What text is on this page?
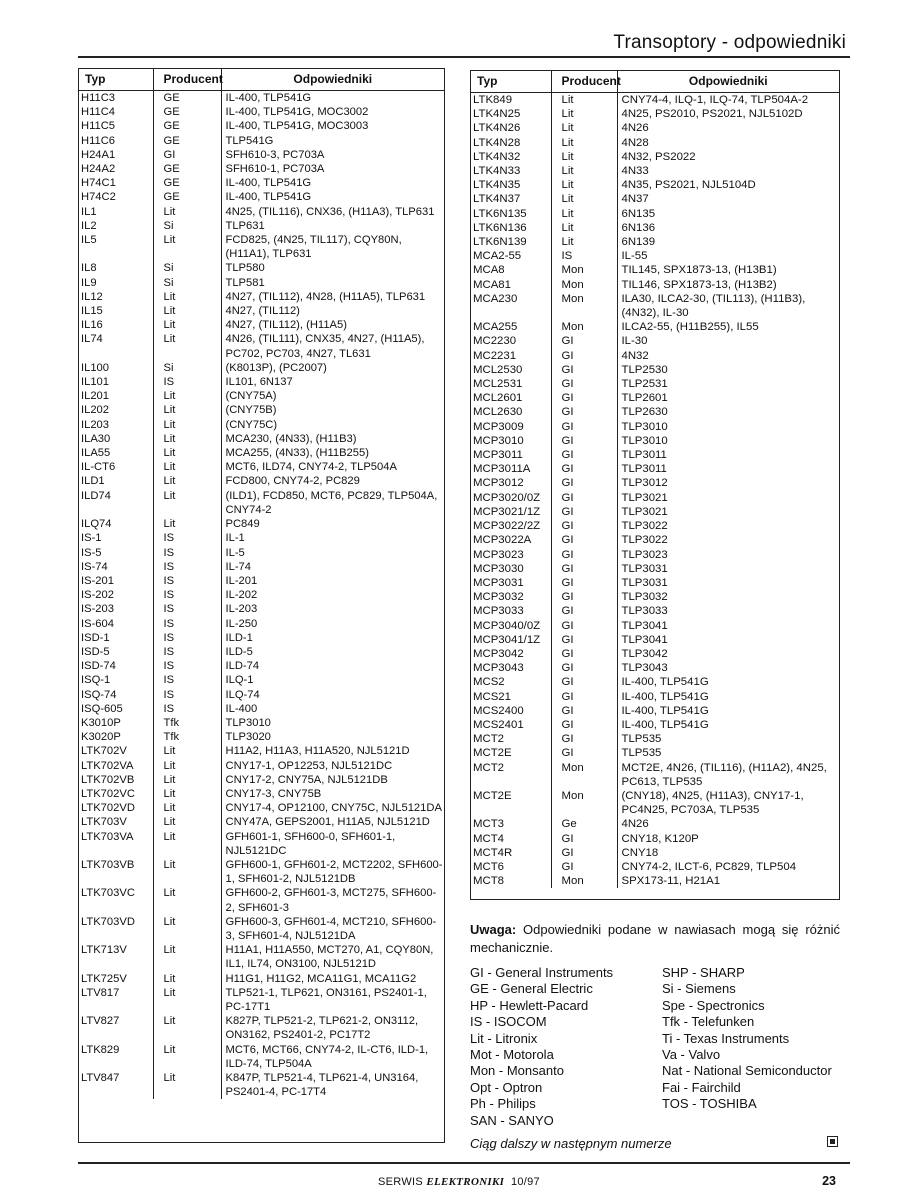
Transoptory - odpowiedniki
Typ	Producent	Odpowiedniki
H11C3	GE	IL-400, TLP541G
H11C4	GE	IL-400, TLP541G, MOC3002
H11C5	GE	IL-400, TLP541G, MOC3003
H11C6	GE	TLP541G
H24A1	GI	SFH610-3, PC703A
H24A2	GE	SFH610-1, PC703A
H74C1	GE	IL-400, TLP541G
H74C2	GE	IL-400, TLP541G
IL1	Lit	4N25, (TIL116), CNX36, (H11A3), TLP631
IL2	Si	TLP631
IL5	Lit	FCD825, (4N25, TIL117), CQY80N, (H11A1), TLP631
IL8	Si	TLP580
IL9	Si	TLP581
IL12	Lit	4N27, (TIL112), 4N28, (H11A5), TLP631
IL15	Lit	4N27, (TIL112)
IL16	Lit	4N27, (TIL112), (H11A5)
IL74	Lit	4N26, (TIL111), CNX35, 4N27, (H11A5), PC702, PC703, 4N27, TL631
IL100	Si	(K8013P), (PC2007)
IL101	IS	IL101, 6N137
IL201	Lit	(CNY75A)
IL202	Lit	(CNY75B)
IL203	Lit	(CNY75C)
ILA30	Lit	MCA230, (4N33), (H11B3)
ILA55	Lit	MCA255, (4N33), (H11B255)
IL-CT6	Lit	MCT6, ILD74, CNY74-2, TLP504A
ILD1	Lit	FCD800, CNY74-2, PC829
ILD74	Lit	(ILD1), FCD850, MCT6, PC829, TLP504A, CNY74-2
ILQ74	Lit	PC849
IS-1	IS	IL-1
IS-5	IS	IL-5
IS-74	IS	IL-74
IS-201	IS	IL-201
IS-202	IS	IL-202
IS-203	IS	IL-203
IS-604	IS	IL-250
ISD-1	IS	ILD-1
ISD-5	IS	ILD-5
ISD-74	IS	ILD-74
ISQ-1	IS	ILQ-1
ISQ-74	IS	ILQ-74
ISQ-605	IS	IL-400
K3010P	Tfk	TLP3010
K3020P	Tfk	TLP3020
LTK702V	Lit	H11A2, H11A3, H11A520, NJL5121D
LTK702VA	Lit	CNY17-1, OP12253, NJL5121DC
LTK702VB	Lit	CNY17-2, CNY75A, NJL5121DB
LTK702VC	Lit	CNY17-3, CNY75B
LTK702VD	Lit	CNY17-4, OP12100, CNY75C, NJL5121DA
LTK703V	Lit	CNY47A, GEPS2001, H11A5, NJL5121D
LTK703VA	Lit	GFH601-1, SFH600-0, SFH601-1, NJL5121DC
LTK703VB	Lit	GFH600-1, GFH601-2, MCT2202, SFH600-1, SFH601-2, NJL5121DB
LTK703VC	Lit	GFH600-2, GFH601-3, MCT275, SFH600-2, SFH601-3
LTK703VD	Lit	GFH600-3, GFH601-4, MCT210, SFH600-3, SFH601-4, NJL5121DA
LTK713V	Lit	H11A1, H11A550, MCT270, A1, CQY80N, IL1, IL74, ON3100, NJL5121D
LTK725V	Lit	H11G1, H11G2, MCA11G1, MCA11G2
LTV817	Lit	TLP521-1, TLP621, ON3161, PS2401-1, PC-17T1
LTV827	Lit	K827P, TLP521-2, TLP621-2, ON3112, ON3162, PS2401-2, PC17T2
LTK829	Lit	MCT6, MCT66, CNY74-2, IL-CT6, ILD-1, ILD-74, TLP504A
LTV847	Lit	K847P, TLP521-4, TLP621-4, UN3164, PS2401-4, PC-17T4
Typ	Producent	Odpowiedniki
LTK849	Lit	CNY74-4, ILQ-1, ILQ-74, TLP504A-2
LTK4N25	Lit	4N25, PS2010, PS2021, NJL5102D
LTK4N26	Lit	4N26
LTK4N28	Lit	4N28
LTK4N32	Lit	4N32, PS2022
LTK4N33	Lit	4N33
LTK4N35	Lit	4N35, PS2021, NJL5104D
LTK4N37	Lit	4N37
LTK6N135	Lit	6N135
LTK6N136	Lit	6N136
LTK6N139	Lit	6N139
MCA2-55	IS	IL-55
MCA8	Mon	TIL145, SPX1873-13, (H13B1)
MCA81	Mon	TIL146, SPX1873-13, (H13B2)
MCA230	Mon	ILA30, ILCA2-30, (TIL113), (H11B3), (4N32), IL-30
MCA255	Mon	ILCA2-55, (H11B255), IL55
MC2230	GI	IL-30
MC2231	GI	4N32
MCL2530	GI	TLP2530
MCL2531	GI	TLP2531
MCL2601	GI	TLP2601
MCL2630	GI	TLP2630
MCP3009	GI	TLP3010
MCP3010	GI	TLP3010
MCP3011	GI	TLP3011
MCP3011A	GI	TLP3011
MCP3012	GI	TLP3012
MCP3020/0Z	GI	TLP3021
MCP3021/1Z	GI	TLP3021
MCP3022/2Z	GI	TLP3022
MCP3022A	GI	TLP3022
MCP3023	GI	TLP3023
MCP3030	GI	TLP3031
MCP3031	GI	TLP3031
MCP3032	GI	TLP3032
MCP3033	GI	TLP3033
MCP3040/0Z	GI	TLP3041
MCP3041/1Z	GI	TLP3041
MCP3042	GI	TLP3042
MCP3043	GI	TLP3043
MCS2	GI	IL-400, TLP541G
MCS21	GI	IL-400, TLP541G
MCS2400	GI	IL-400, TLP541G
MCS2401	GI	IL-400, TLP541G
MCT2	GI	TLP535
MCT2E	GI	TLP535
MCT2	Mon	MCT2E, 4N26, (TIL116), (H11A2), 4N25, PC613, TLP535
MCT2E	Mon	(CNY18), 4N25, (H11A3), CNY17-1, PC4N25, PC703A, TLP535
MCT3	Ge	4N26
MCT4	GI	CNY18, K120P
MCT4R	GI	CNY18
MCT6	GI	CNY74-2, ILCT-6, PC829, TLP504
MCT8	Mon	SPX173-11, H21A1
Uwaga: Odpowiedniki podane w nawiasach mogą się różnić mechanicznie.
GI - General Instruments
GE - General Electric
HP - Hewlett-Pacard
IS - ISOCOM
Lit - Litronix
Mot - Motorola
Mon - Monsanto
Opt - Optron
Ph - Philips
SAN - SANYO
SHP - SHARP
Si - Siemens
Spe - Spectronics
Tfk - Telefunken
Ti - Texas Instruments
Va - Valvo
Nat - National Semiconductor
Fai - Fairchild
TOS - TOSHIBA
Ciąg dalszy w następnym numerze
SERWIS ELEKTRONIKI 10/97	23
